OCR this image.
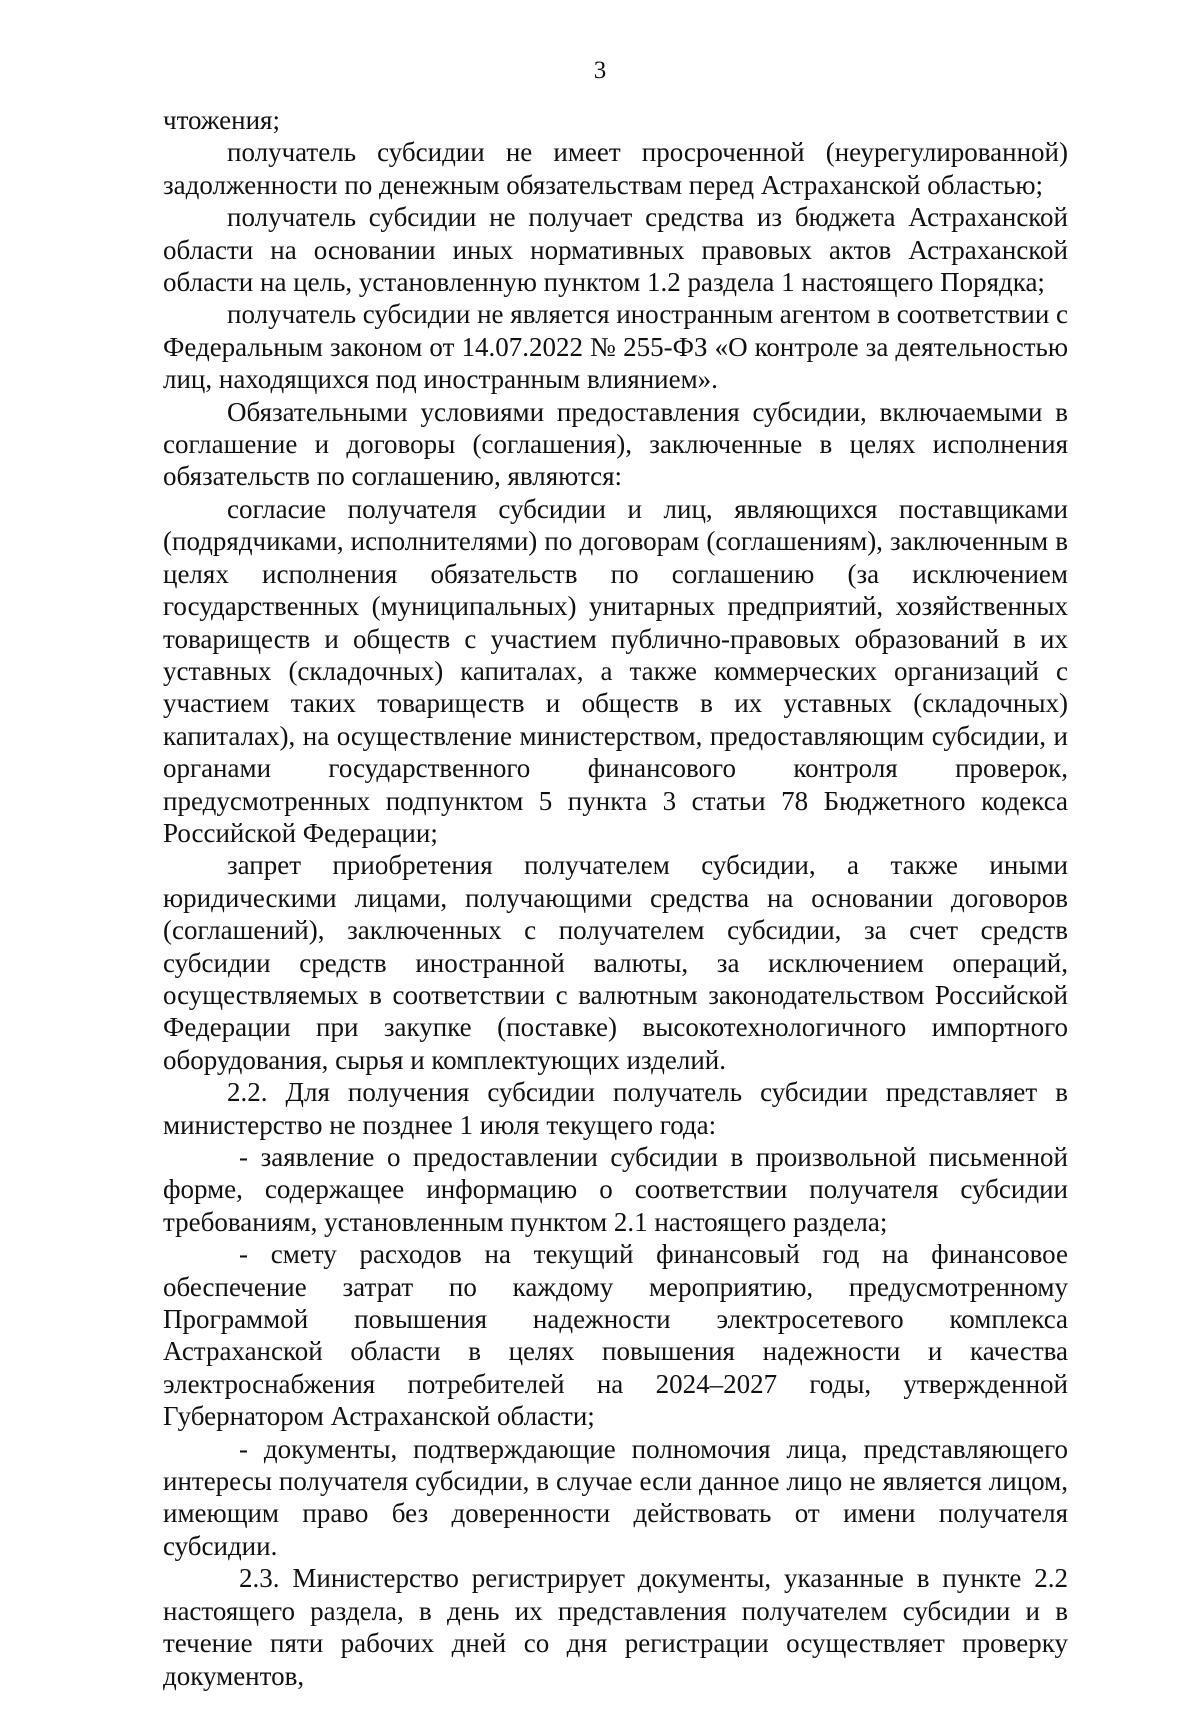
3

чтожения;

получатель субсидии не имеет просроченной (неурегулированной) задолженности по денежным обязательствам перед Астраханской областью;

получатель субсидии не получает средства из бюджета Астраханской области на основании иных нормативных правовых актов Астраханской области на цель, установленную пунктом 1.2 раздела 1 настоящего Порядка;

получатель субсидии не является иностранным агентом в соответствии с Федеральным законом от 14.07.2022 № 255-ФЗ «О контроле за деятельностью лиц, находящихся под иностранным влиянием».

Обязательными условиями предоставления субсидии, включаемыми в соглашение и договоры (соглашения), заключенные в целях исполнения обязательств по соглашению, являются:

согласие получателя субсидии и лиц, являющихся поставщиками (подрядчиками, исполнителями) по договорам (соглашениям), заключенным в целях исполнения обязательств по соглашению (за исключением государственных (муниципальных) унитарных предприятий, хозяйственных товариществ и обществ с участием публично-правовых образований в их уставных (складочных) капиталах, а также коммерческих организаций с участием таких товариществ и обществ в их уставных (складочных) капиталах), на осуществление министерством, предоставляющим субсидии, и органами государственного финансового контроля проверок, предусмотренных подпунктом 5 пункта 3 статьи 78 Бюджетного кодекса Российской Федерации;

запрет приобретения получателем субсидии, а также иными юридическими лицами, получающими средства на основании договоров (соглашений), заключенных с получателем субсидии, за счет средств субсидии средств иностранной валюты, за исключением операций, осуществляемых в соответствии с валютным законодательством Российской Федерации при закупке (поставке) высокотехнологичного импортного оборудования, сырья и комплектующих изделий.

2.2. Для получения субсидии получатель субсидии представляет в министерство не позднее 1 июля текущего года:

- заявление о предоставлении субсидии в произвольной письменной форме, содержащее информацию о соответствии получателя субсидии требованиям, установленным пунктом 2.1 настоящего раздела;

- смету расходов на текущий финансовый год на финансовое обеспечение затрат по каждому мероприятию, предусмотренному Программой повышения надежности электросетевого комплекса Астраханской области в целях повышения надежности и качества электроснабжения потребителей на 2024–2027 годы, утвержденной Губернатором Астраханской области;

- документы, подтверждающие полномочия лица, представляющего интересы получателя субсидии, в случае если данное лицо не является лицом, имеющим право без доверенности действовать от имени получателя субсидии.

2.3. Министерство регистрирует документы, указанные в пункте 2.2 настоящего раздела, в день их представления получателем субсидии и в течение пяти рабочих дней со дня регистрации осуществляет проверку документов,
